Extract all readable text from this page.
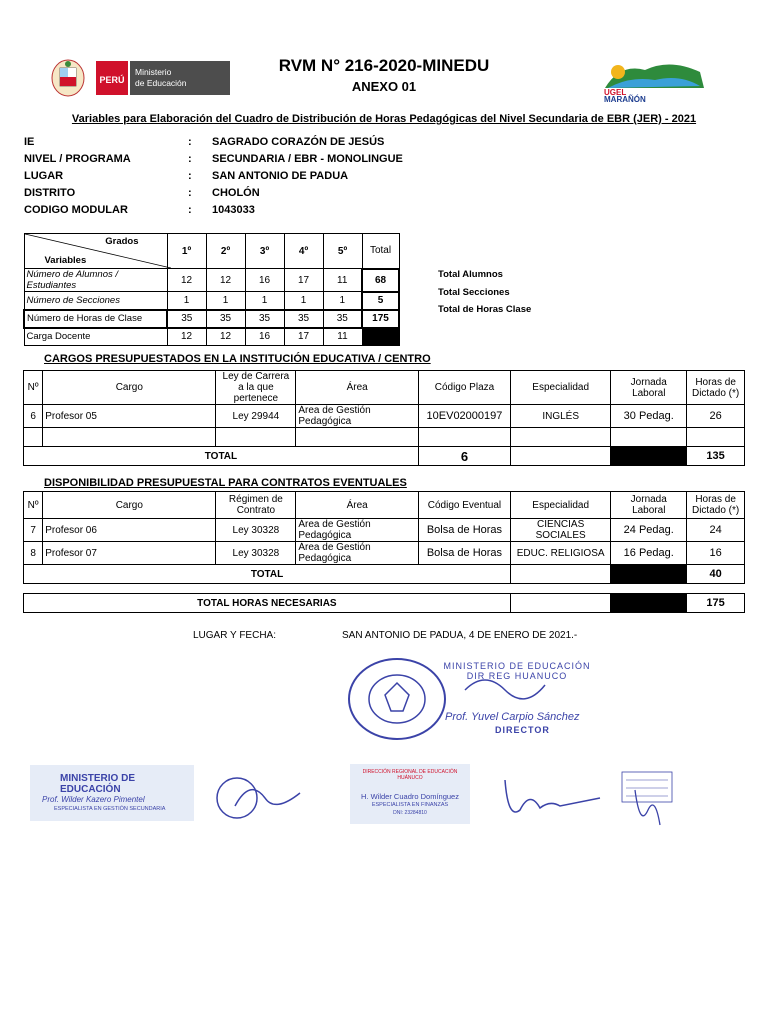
PERÚ
Ministerio
de Educación
UGEL
MARAÑÓN
RVM N° 216-2020-MINEDU
ANEXO 01
Variables para Elaboración del Cuadro de Distribución de Horas Pedagógicas del Nivel Secundaria de EBR (JER) - 2021
IE	:	SAGRADO CORAZÓN DE JESÚS
NIVEL / PROGRAMA	:	SECUNDARIA / EBR - MONOLINGUE
LUGAR	:	SAN ANTONIO DE PADUA
DISTRITO	:	CHOLÓN
CODIGO MODULAR	:	1043033
Grados
Variables	1º	2º	3º	4º	5º	Total
Número de Alumnos / Estudiantes	12	12	16	17	11	68
Número de Secciones	1	1	1	1	1	5
Número de Horas de Clase	35	35	35	35	35	175
Carga Docente	12	12	16	17	11	
Total Alumnos
Total Secciones
Total de Horas Clase
CARGOS PRESUPUESTADOS EN LA INSTITUCIÓN EDUCATIVA / CENTRO
Nº	Cargo	Ley de Carrera a la que pertenece	Área	Código Plaza	Especialidad	Jornada Laboral	Horas de Dictado (*)
6	Profesor 05	Ley 29944	Área de Gestión Pedagógica	10EV02000197	INGLÉS	30 Pedag.	26

TOTAL				6			135
DISPONIBILIDAD PRESUPUESTAL PARA CONTRATOS EVENTUALES
Nº	Cargo	Régimen de Contrato	Área	Código Eventual	Especialidad	Jornada Laboral	Horas de Dictado (*)
7	Profesor 06	Ley 30328	Área de Gestión Pedagógica	Bolsa de Horas	CIENCIAS SOCIALES	24 Pedag.	24
8	Profesor 07	Ley 30328	Área de Gestión Pedagógica	Bolsa de Horas	EDUC. RELIGIOSA	16 Pedag.	16
TOTAL							40
TOTAL HORAS NECESARIAS			175
LUGAR Y FECHA:	SAN ANTONIO DE PADUA, 4 DE ENERO DE 2021.-
MINISTERIO DE EDUCACIÓN
DIR REG HUANUCO
Prof. Yuvel Carpio Sánchez
DIRECTOR
MINISTERIO DE EDUCACIÓN
Prof. Wilder Kazero Pimentel
ESPECIALISTA EN GESTIÓN SECUNDARIA
DIRECCIÓN REGIONAL DE EDUCACIÓN HUÁNUCO
H. Wilder Cuadro Domínguez
ESPECIALISTA EN FINANZAS
DNI: 23284810
